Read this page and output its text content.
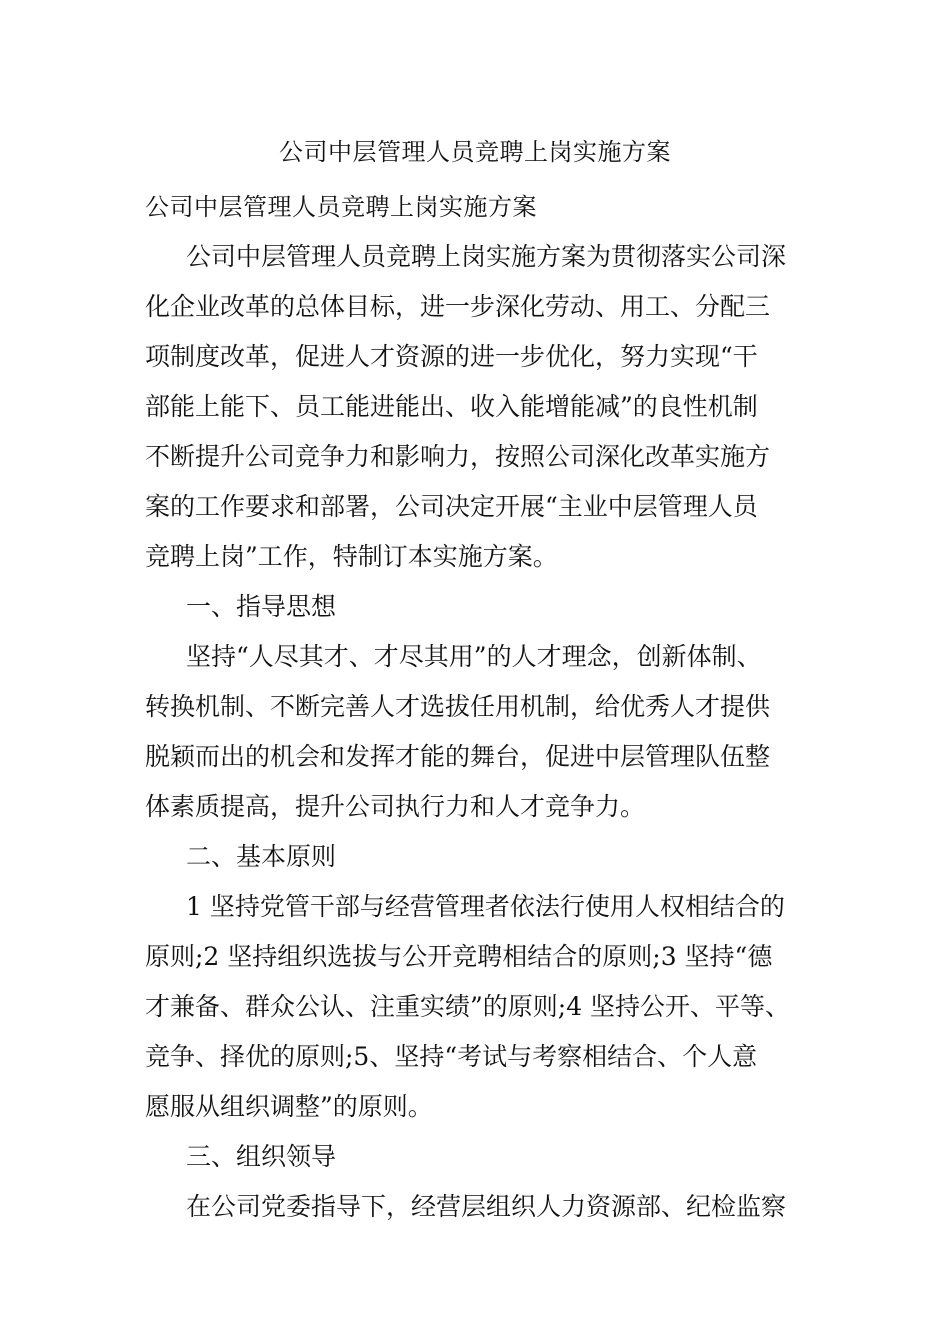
公司中层管理人员竞聘上岗实施方案
公司中层管理人员竞聘上岗实施方案
公司中层管理人员竞聘上岗实施方案为贯彻落实公司深
化企业改革的总体目标，进一步深化劳动、用工、分配三
项制度改革，促进人才资源的进一步优化，努力实现“干
部能上能下、员工能进能出、收入能增能减”的良性机制
不断提升公司竞争力和影响力，按照公司深化改革实施方
案的工作要求和部署，公司决定开展“主业中层管理人员
竞聘上岗”工作，特制订本实施方案。
一、指导思想
坚持“人尽其才、才尽其用”的人才理念，创新体制、
转换机制、不断完善人才选拔任用机制，给优秀人才提供
脱颖而出的机会和发挥才能的舞台，促进中层管理队伍整
体素质提高，提升公司执行力和人才竞争力。
二、基本原则
1 坚持党管干部与经营管理者依法行使用人权相结合的
原则;2 坚持组织选拔与公开竞聘相结合的原则;3 坚持“德
才兼备、群众公认、注重实绩”的原则;4 坚持公开、平等、
竞争、择优的原则;5、坚持“考试与考察相结合、个人意
愿服从组织调整”的原则。
三、组织领导
在公司党委指导下，经营层组织人力资源部、纪检监察
